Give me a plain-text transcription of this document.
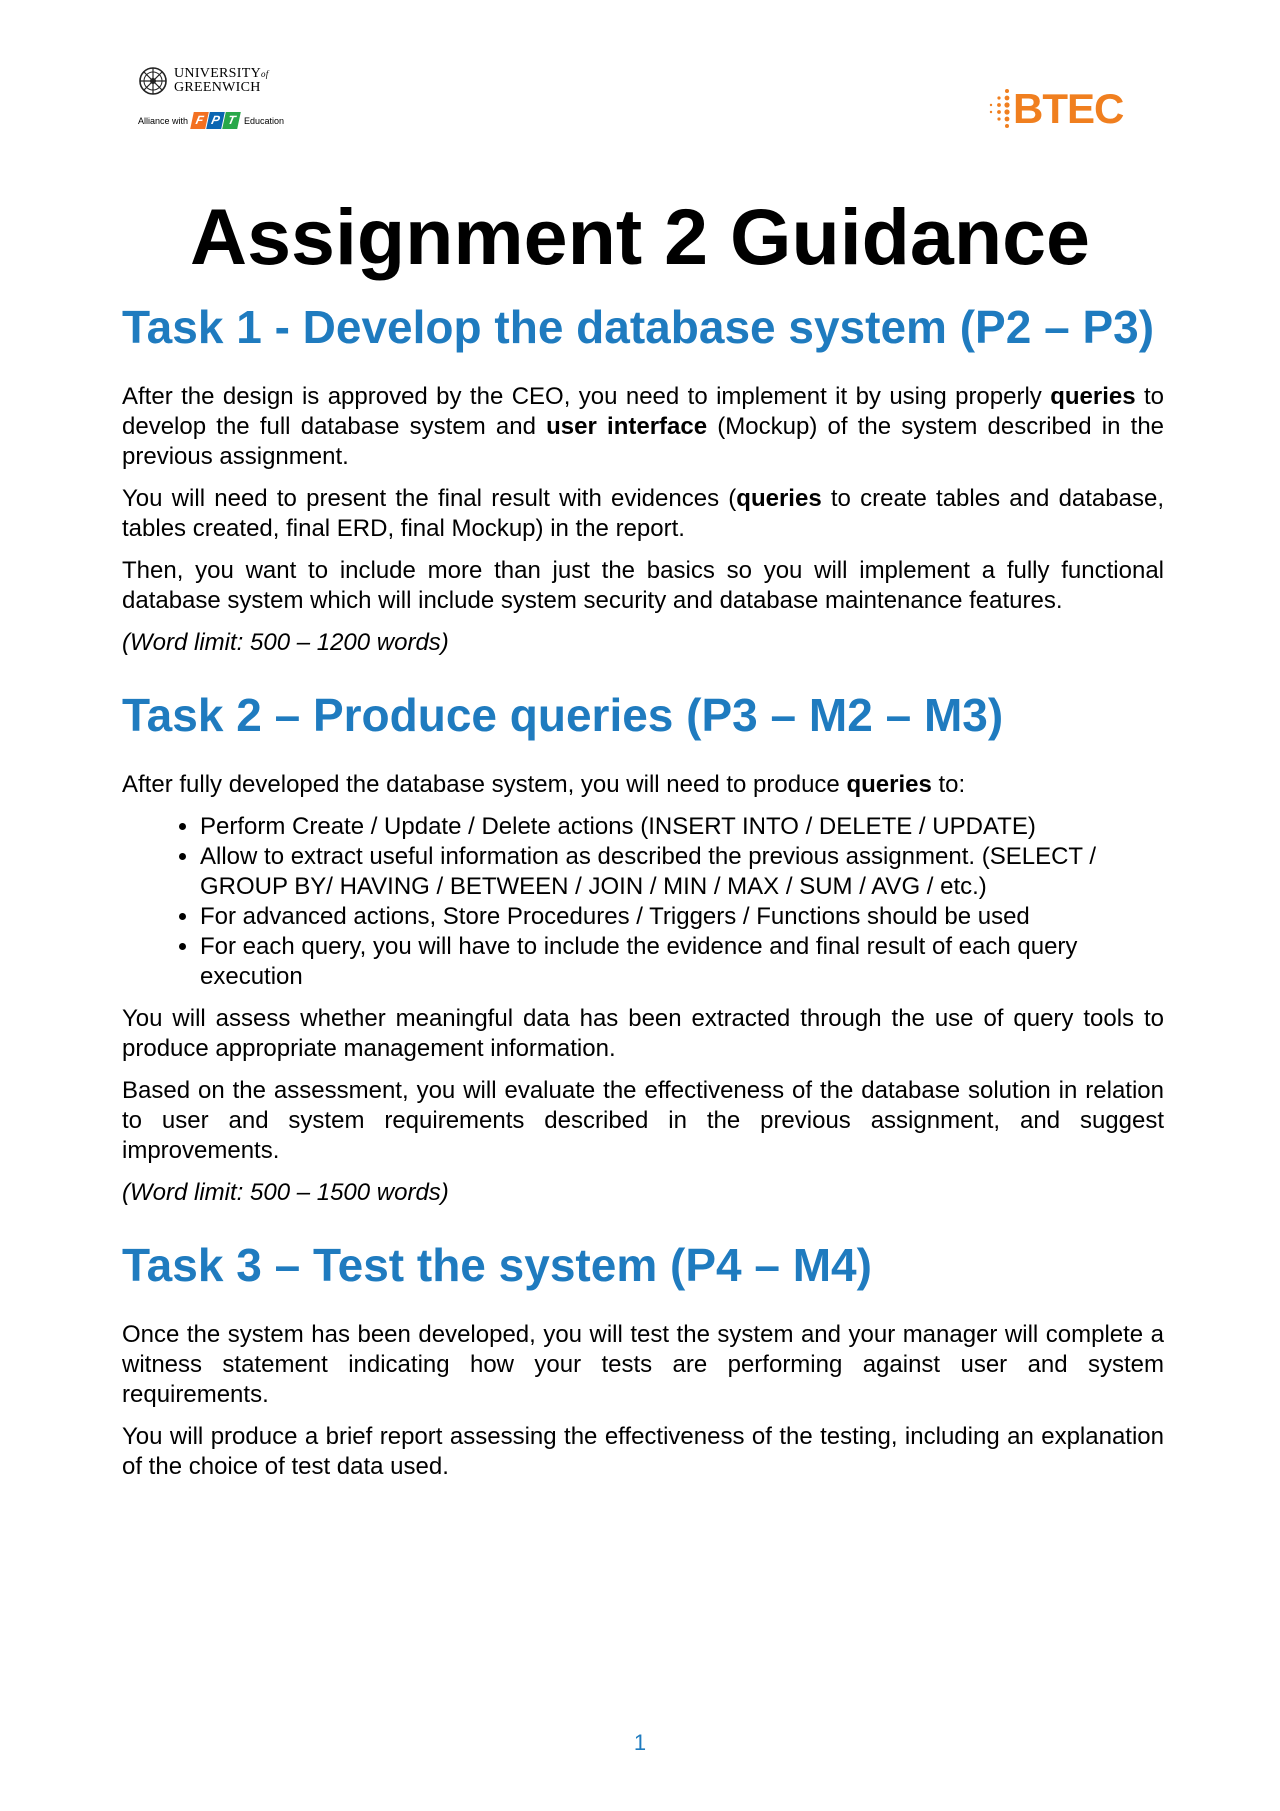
UNIVERSITYof
GREENWICH
Alliance with F P T Education	BTEC
Assignment 2 Guidance
Task 1 - Develop the database system (P2 – P3)

After the design is approved by the CEO, you need to implement it by using properly queries to develop the full database system and user interface (Mockup) of the system described in the previous assignment.

You will need to present the final result with evidences (queries to create tables and database, tables created, final ERD, final Mockup) in the report.

Then, you want to include more than just the basics so you will implement a fully functional database system which will include system security and database maintenance features.

(Word limit: 500 – 1200 words)

Task 2 – Produce queries (P3 – M2 – M3)

After fully developed the database system, you will need to produce queries to:

• Perform Create / Update / Delete actions (INSERT INTO / DELETE / UPDATE)
• Allow to extract useful information as described the previous assignment. (SELECT / GROUP BY/ HAVING / BETWEEN / JOIN / MIN / MAX / SUM / AVG / etc.)
• For advanced actions, Store Procedures / Triggers / Functions should be used
• For each query, you will have to include the evidence and final result of each query execution

You will assess whether meaningful data has been extracted through the use of query tools to produce appropriate management information.

Based on the assessment, you will evaluate the effectiveness of the database solution in relation to user and system requirements described in the previous assignment, and suggest improvements.

(Word limit: 500 – 1500 words)

Task 3 – Test the system (P4 – M4)

Once the system has been developed, you will test the system and your manager will complete a witness statement indicating how your tests are performing against user and system requirements.

You will produce a brief report assessing the effectiveness of the testing, including an explanation of the choice of test data used.

1
